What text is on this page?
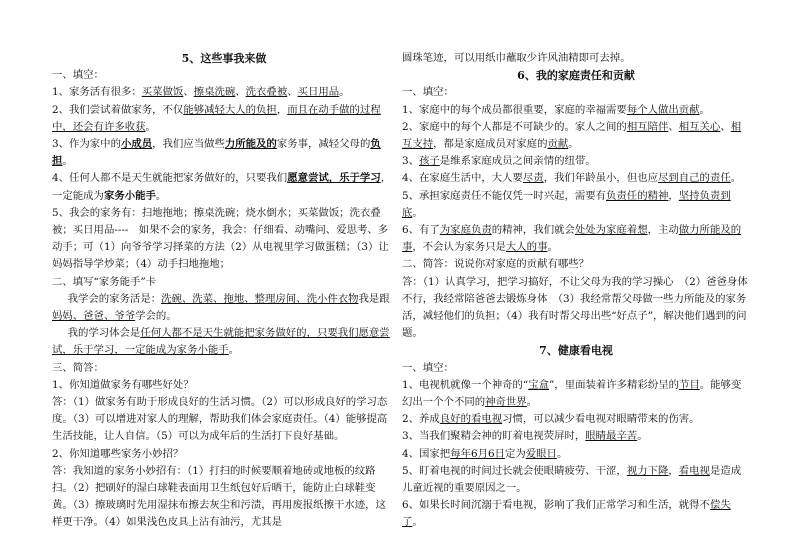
5、这些事我来做

一、填空：

1、家务活有很多：买菜做饭、擦桌洗碗、洗衣叠被、买日用品。

2、我们尝试着做家务，不仅能够减轻大人的负担，而且在动手做的过程中，还会有许多收获。

3、作为家中的小成员，我们应当做些力所能及的家务事，减轻父母的负担。

4、任何人都不是天生就能把家务做好的，只要我们愿意尝试，乐于学习，一定能成为家务小能手。

5、我会的家务有：扫地拖地；擦桌洗碗；烧水倒水；买菜做饭；洗衣叠被；买日用品----　如果不会的家务，我会：仔细看、动嘴问、爱思考、多动手；可（1）向爷爷学习择菜的方法（2）从电视里学习做蛋糕；（3）让妈妈指导学炒菜；（4）动手扫地拖地；

二、填写“家务能手”卡

我学会的家务活是：洗碗、洗菜、拖地、整理房间、洗小件衣物我是跟妈妈、爸爸、爷爷学会的。

我的学习体会是任何人都不是天生就能把家务做好的，只要我们愿意尝试，乐于学习，一定能成为家务小能手。

三、简答：

1、你知道做家务有哪些好处？

答：（1）做家务有助于形成良好的生活习惯。（2）可以形成良好的学习态度。（3）可以增进对家人的理解，帮助我们体会家庭责任。（4）能够提高生活技能，让人自信。（5）可以为成年后的生活打下良好基础。

2、你知道哪些家务小妙招？

答：我知道的家务小妙招有：（1）打扫的时候要顺着地砖或地板的纹路扫。（2）把刷好的湿白球鞋表面用卫生纸包好后晒干，能防止白球鞋变黄。（3）擦玻璃时先用湿抹布擦去灰尘和污渍，再用废报纸擦干水迹，这样更干净。（4）如果浅色皮具上沾有油污，尤其是

圆珠笔迹，可以用纸巾蘸取少许风油精即可去掉。

6、我的家庭责任和贡献

一、填空：

1、家庭中的每个成员都很重要，家庭的幸福需要每个人做出贡献。

2、家庭中的每个人都是不可缺少的。家人之间的相互陪伴、相互关心、相互支持，都是家庭成员对家庭的贡献。

3、孩子是维系家庭成员之间亲情的纽带。

4、在家庭生活中，大人要尽责，我们年龄虽小，但也应尽到自己的责任。

5、承担家庭责任不能仅凭一时兴起，需要有负责任的精神，坚持负责到底。

6、有了为家庭负责的精神，我们就会处处为家庭着想，主动做力所能及的事，不会认为家务只是大人的事。

二、简答：说说你对家庭的贡献有哪些？

答：（1）认真学习，把学习搞好，不让父母为我的学习操心　（2）爸爸身体不行，我经常陪爸爸去锻炼身体　（3）我经常帮父母做一些力所能及的家务活，减轻他们的负担；（4）我有时帮父母出些“好点子”，解决他们遇到的问题。

7、健康看电视

一、填空：

1、电视机就像一个神奇的“宝盒”，里面装着许多精彩纷呈的节目。能够变幻出一个个不同的神奇世界。

2、养成良好的看电视习惯，可以减少看电视对眼睛带来的伤害。

3、当我们聚精会神的盯着电视荧屏时，眼睛最辛苦。

4、国家把每年6月6日定为爱眼日。

5、盯着电视的时间过长就会使眼睛疲劳、干涩，视力下降，看电视是造成儿童近视的重要原因之一。

6、如果长时间沉溺于看电视，影响了我们正常学习和生活，就得不偿失了。
